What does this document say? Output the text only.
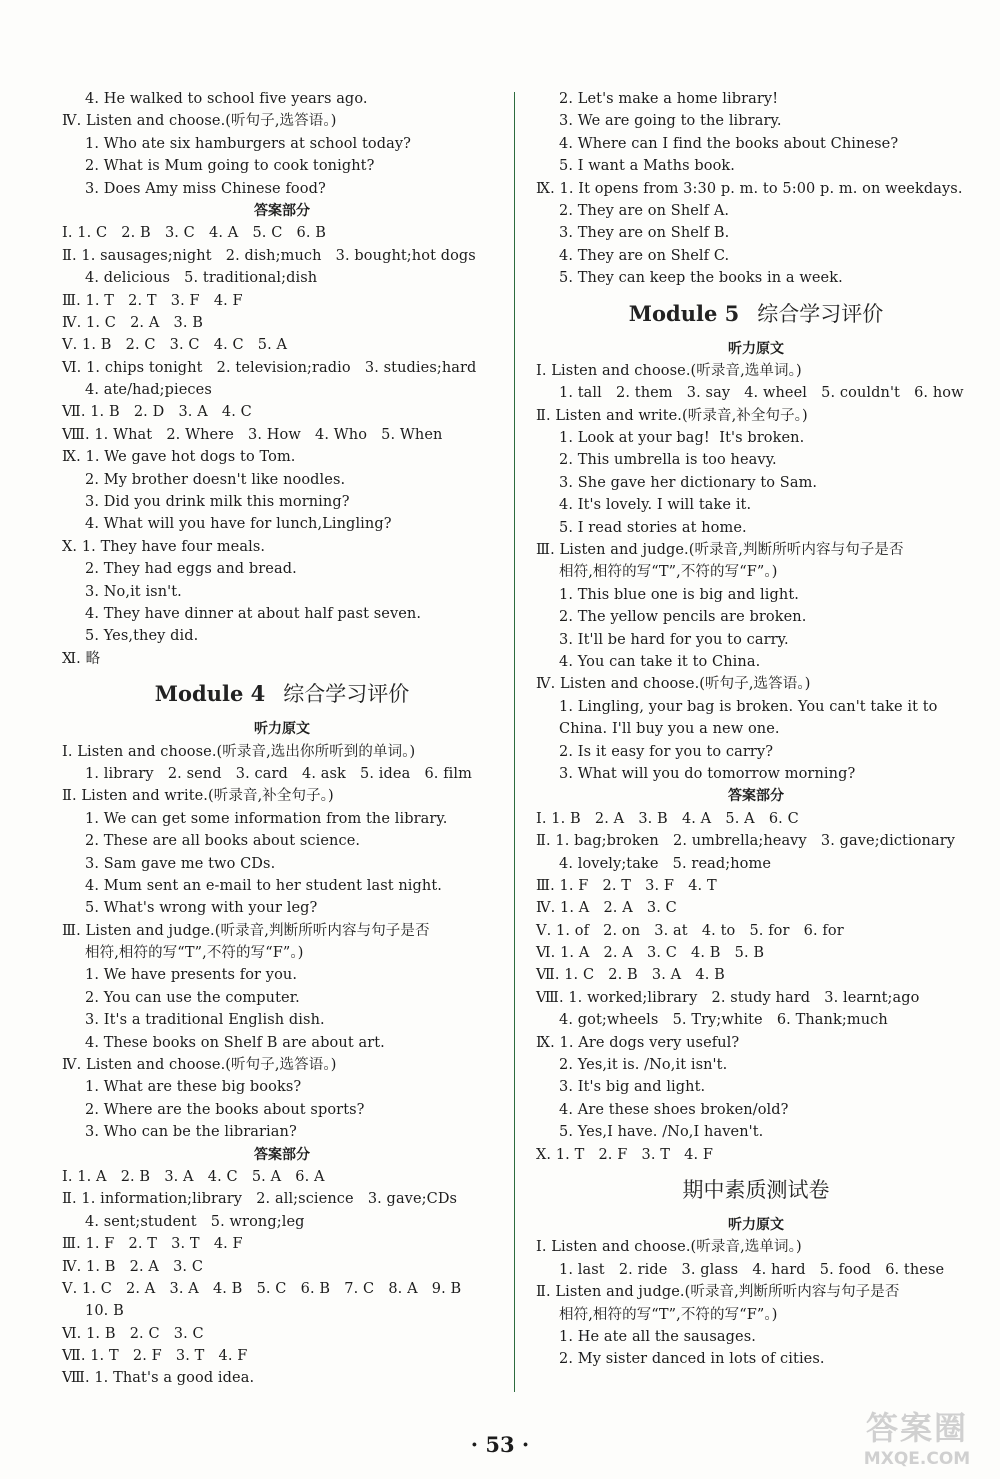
4. He walked to school five years ago.
Ⅳ. Listen and choose.(听句子,选答语。)
1. Who ate six hamburgers at school today?
2. What is Mum going to cook tonight?
3. Does Amy miss Chinese food?
答案部分
Ⅰ. 1. C   2. B   3. C   4. A   5. C   6. B
Ⅱ. 1. sausages;night   2. dish;much   3. bought;hot dogs
4. delicious   5. traditional;dish
Ⅲ. 1. T   2. T   3. F   4. F
Ⅳ. 1. C   2. A   3. B
Ⅴ. 1. B   2. C   3. C   4. C   5. A
Ⅵ. 1. chips tonight   2. television;radio   3. studies;hard
4. ate/had;pieces
Ⅶ. 1. B   2. D   3. A   4. C
Ⅷ. 1. What   2. Where   3. How   4. Who   5. When
Ⅸ. 1. We gave hot dogs to Tom.
2. My brother doesn't like noodles.
3. Did you drink milk this morning?
4. What will you have for lunch,Lingling?
Ⅹ. 1. They have four meals.
2. They had eggs and bread.
3. No,it isn't.
4. They have dinner at about half past seven.
5. Yes,they did.
Ⅺ. 略
Module 4 综合学习评价
听力原文
Ⅰ. Listen and choose.(听录音,选出你所听到的单词。)
1. library   2. send   3. card   4. ask   5. idea   6. film
Ⅱ. Listen and write.(听录音,补全句子。)
1. We can get some information from the library.
2. These are all books about science.
3. Sam gave me two CDs.
4. Mum sent an e-mail to her student last night.
5. What's wrong with your leg?
Ⅲ. Listen and judge.(听录音,判断所听内容与句子是否
相符,相符的写“T”,不符的写“F”。)
1. We have presents for you.
2. You can use the computer.
3. It's a traditional English dish.
4. These books on Shelf B are about art.
Ⅳ. Listen and choose.(听句子,选答语。)
1. What are these big books?
2. Where are the books about sports?
3. Who can be the librarian?
答案部分
Ⅰ. 1. A   2. B   3. A   4. C   5. A   6. A
Ⅱ. 1. information;library   2. all;science   3. gave;CDs
4. sent;student   5. wrong;leg
Ⅲ. 1. F   2. T   3. T   4. F
Ⅳ. 1. B   2. A   3. C
Ⅴ. 1. C   2. A   3. A   4. B   5. C   6. B   7. C   8. A   9. B
10. B
Ⅵ. 1. B   2. C   3. C
Ⅶ. 1. T   2. F   3. T   4. F
Ⅷ. 1. That's a good idea.
2. Let's make a home library!
3. We are going to the library.
4. Where can I find the books about Chinese?
5. I want a Maths book.
Ⅸ. 1. It opens from 3:30 p. m. to 5:00 p. m. on weekdays.
2. They are on Shelf A.
3. They are on Shelf B.
4. They are on Shelf C.
5. They can keep the books in a week.
Module 5 综合学习评价
听力原文
Ⅰ. Listen and choose.(听录音,选单词。)
1. tall   2. them   3. say   4. wheel   5. couldn't   6. how
Ⅱ. Listen and write.(听录音,补全句子。)
1. Look at your bag!  It's broken.
2. This umbrella is too heavy.
3. She gave her dictionary to Sam.
4. It's lovely. I will take it.
5. I read stories at home.
Ⅲ. Listen and judge.(听录音,判断所听内容与句子是否
相符,相符的写“T”,不符的写“F”。)
1. This blue one is big and light.
2. The yellow pencils are broken.
3. It'll be hard for you to carry.
4. You can take it to China.
Ⅳ. Listen and choose.(听句子,选答语。)
1. Lingling, your bag is broken. You can't take it to
China. I'll buy you a new one.
2. Is it easy for you to carry?
3. What will you do tomorrow morning?
答案部分
Ⅰ. 1. B   2. A   3. B   4. A   5. A   6. C
Ⅱ. 1. bag;broken   2. umbrella;heavy   3. gave;dictionary
4. lovely;take   5. read;home
Ⅲ. 1. F   2. T   3. F   4. T
Ⅳ. 1. A   2. A   3. C
Ⅴ. 1. of   2. on   3. at   4. to   5. for   6. for
Ⅵ. 1. A   2. A   3. C   4. B   5. B
Ⅶ. 1. C   2. B   3. A   4. B
Ⅷ. 1. worked;library   2. study hard   3. learnt;ago
4. got;wheels   5. Try;white   6. Thank;much
Ⅸ. 1. Are dogs very useful?
2. Yes,it is. /No,it isn't.
3. It's big and light.
4. Are these shoes broken/old?
5. Yes,I have. /No,I haven't.
Ⅹ. 1. T   2. F   3. T   4. F
期中素质测试卷
听力原文
Ⅰ. Listen and choose.(听录音,选单词。)
1. last   2. ride   3. glass   4. hard   5. food   6. these
Ⅱ. Listen and judge.(听录音,判断所听内容与句子是否
相符,相符的写“T”,不符的写“F”。)
1. He ate all the sausages.
2. My sister danced in lots of cities.
· 53 ·	答案圈
MXQE.COM
